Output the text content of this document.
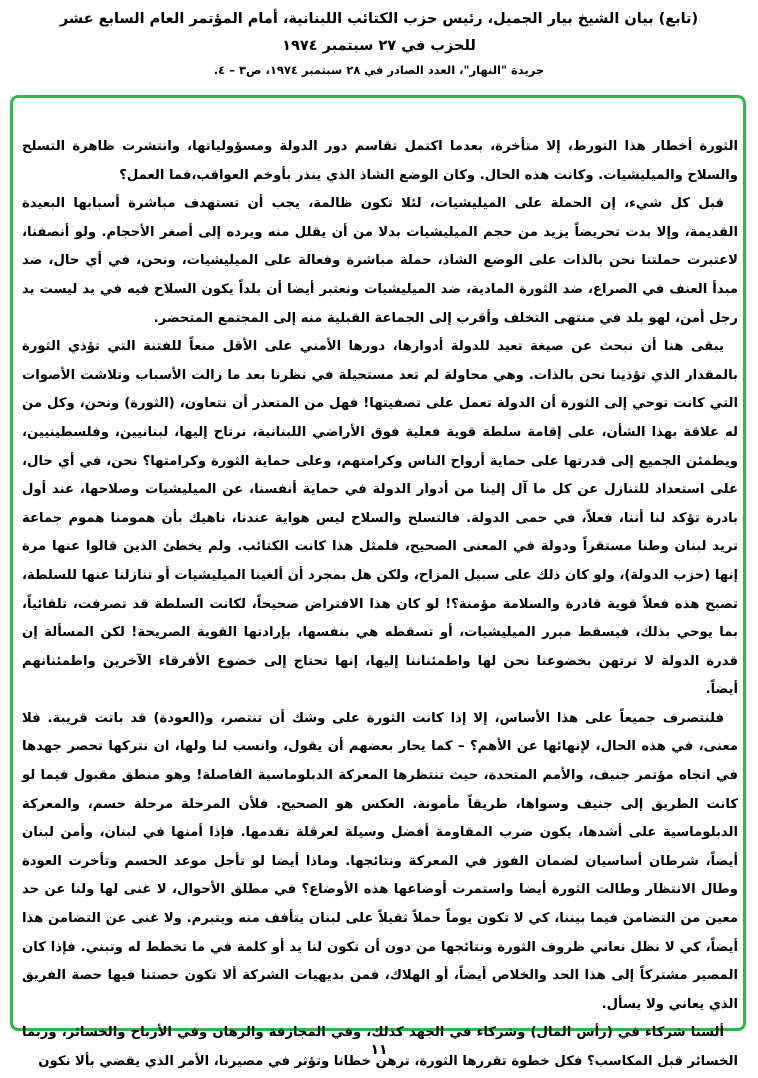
(تابع) بيان الشيخ بيار الجميل، رئيس حزب الكتائب اللبنانية، أمام المؤتمر العام السابع عشر للحزب في ٢٧ سبتمبر ١٩٧٤
جريدة "النهار"، العدد الصادر في ٢٨ سبتمبر ١٩٧٤، ص٣ – ٤.

الثورة أخطار هذا التورط، إلا متأخرة، بعدما اكتمل تقاسم دور الدولة ومسؤولياتها، وانتشرت ظاهرة التسلح والسلاح والميليشيات. وكانت هذه الحال. وكان الوضع الشاذ الذي ينذر بأوخم العواقب،فما العمل؟

قبل كل شيء، إن الحملة على الميليشيات، لئلا تكون ظالمة، يجب أن تستهدف مباشرة أسبابها البعيدة القديمة، وإلا بدت تحريضاً يزيد من حجم الميليشيات بدلا من أن يقلل منه ويرده إلى أصغر الأحجام. ولو أنصفنا، لاعتبرت حملتنا نحن بالذات على الوضع الشاذ، حملة مباشرة وفعالة على الميليشيات، ونحن، في أي حال، ضد مبدأ العنف في الصراع، ضد الثورة المادية، ضد الميليشيات ونعتبر أيضا أن بلداً يكون السلاح فيه في يد ليست يد رجل أمن، لهو بلد في منتهى التخلف وأقرب إلى الجماعة القبلية منه إلى المجتمع المتحضر.

يبقى هنا أن نبحث عن صيغة تعيد للدولة أدوارها، دورها الأمني على الأقل منعاً للفتنة التي تؤذي الثورة بالمقدار الذي تؤذينا نحن بالذات. وهي محاولة لم تعد مستحيلة في نظرنا بعد ما زالت الأسباب وتلاشت الأصوات التي كانت توحي إلى الثورة أن الدولة تعمل على تصفيتها! فهل من المتعذر أن نتعاون، (الثورة) ونحن، وكل من له علاقة بهذا الشأن، على إقامة سلطة قوية فعلية فوق الأراضي اللبنانية، نرتاح إليها، لبنانيين، وفلسطينيين، ويطمئن الجميع إلى قدرتها على حماية أرواح الناس وكرامتهم، وعلى حماية الثورة وكرامتها؟ نحن، في أي حال، على استعداد للتنازل عن كل ما آل إلينا من أدوار الدولة في حماية أنفسنا، عن الميليشيات وصلاحها، عند أول بادرة تؤكد لنا أننا، فعلاً، في حمى الدولة. فالتسلح والسلاح ليس هواية عندنا، ناهيك بأن همومنا هموم جماعة تريد لبنان وطنا مستقراً ودولة في المعنى الصحيح، فلمثل هذا كانت الكتائب. ولم يخطئ الذين قالوا عنها مرة إنها (حزب الدولة)، ولو كان ذلك على سبيل المزاح، ولكن هل بمجرد أن ألغينا الميليشيات أو تنازلنا عنها للسلطة، تصبح هذه فعلاً قوية قادرة والسلامة مؤمنة؟! لو كان هذا الافتراض صحيحاً، لكانت السلطة قد تصرفت، تلقائياً، بما يوحي بذلك، فيسقط مبرر الميليشيات، أو تسقطه هي بنفسها، بإرادتها القوية الصريحة! لكن المسألة إن قدرة الدولة لا ترتهن بخضوعنا نحن لها واطمئناننا إليها، إنها تحتاج إلى خضوع الأفرقاء الآخرين واطمئنانهم أيضاً.

فلنتصرف جميعاً على هذا الأساس، إلا إذا كانت الثورة على وشك أن تنتصر، و(العودة) قد باتت قريبة. فلا معنى، في هذه الحال، لإنهائها عن الأهم؟ – كما يحار بعضهم أن يقول، وانسب لنا ولها، ان نتركها تحصر جهدها في اتجاه مؤتمر جنيف، والأمم المتحدة، حيث تنتظرها المعركة الدبلوماسية الفاصلة! وهو منطق مقبول فيما لو كانت الطريق إلى جنيف وسواها، طريقاً مأمونة. العكس هو الصحيح. فلأن المرحلة مرحلة حسم، والمعركة الدبلوماسية على أشدها، يكون ضرب المقاومة أفضل وسيلة لعرقلة تقدمها. فإذا أمنها في لبنان، وأمن لبنان أيضاً، شرطان أساسيان لضمان الفوز في المعركة ونتائجها. وماذا أيضا لو تأجل موعد الحسم وتأخرت العودة وطال الانتظار وطالت الثورة أيضا واستمرت أوضاعها هذه الأوضاع؟ في مطلق الأحوال، لا غنى لها ولنا عن حد معين من التضامن فيما بيننا، كي لا تكون يوماً حملاً ثقيلاً على لبنان يتأفف منه ويتبرم. ولا غنى عن التضامن هذا أيضاً، كي لا نظل نعاني ظروف الثورة ونتائجها من دون أن تكون لنا يد أو كلمة في ما تخطط له وتبني. فإذا كان المصير مشتركاً إلى هذا الحد والخلاص أيضاً، أو الهلاك، فمن بديهيات الشركة ألا تكون حصتنا فيها حصة الفريق الذي يعاني ولا يسأل.

ألسنا شركاء في (رأس المال) وشركاء في الجهد كذلك، وفي المجازفة والرهان وفي الأرباح والخسائر، وربما الخسائر قبل المكاسب؟ فكل خطوة تقررها الثورة، ترهن خطانا وتؤثر في مصيرنا، الأمر الذي يقضي بألا نكون

١١
